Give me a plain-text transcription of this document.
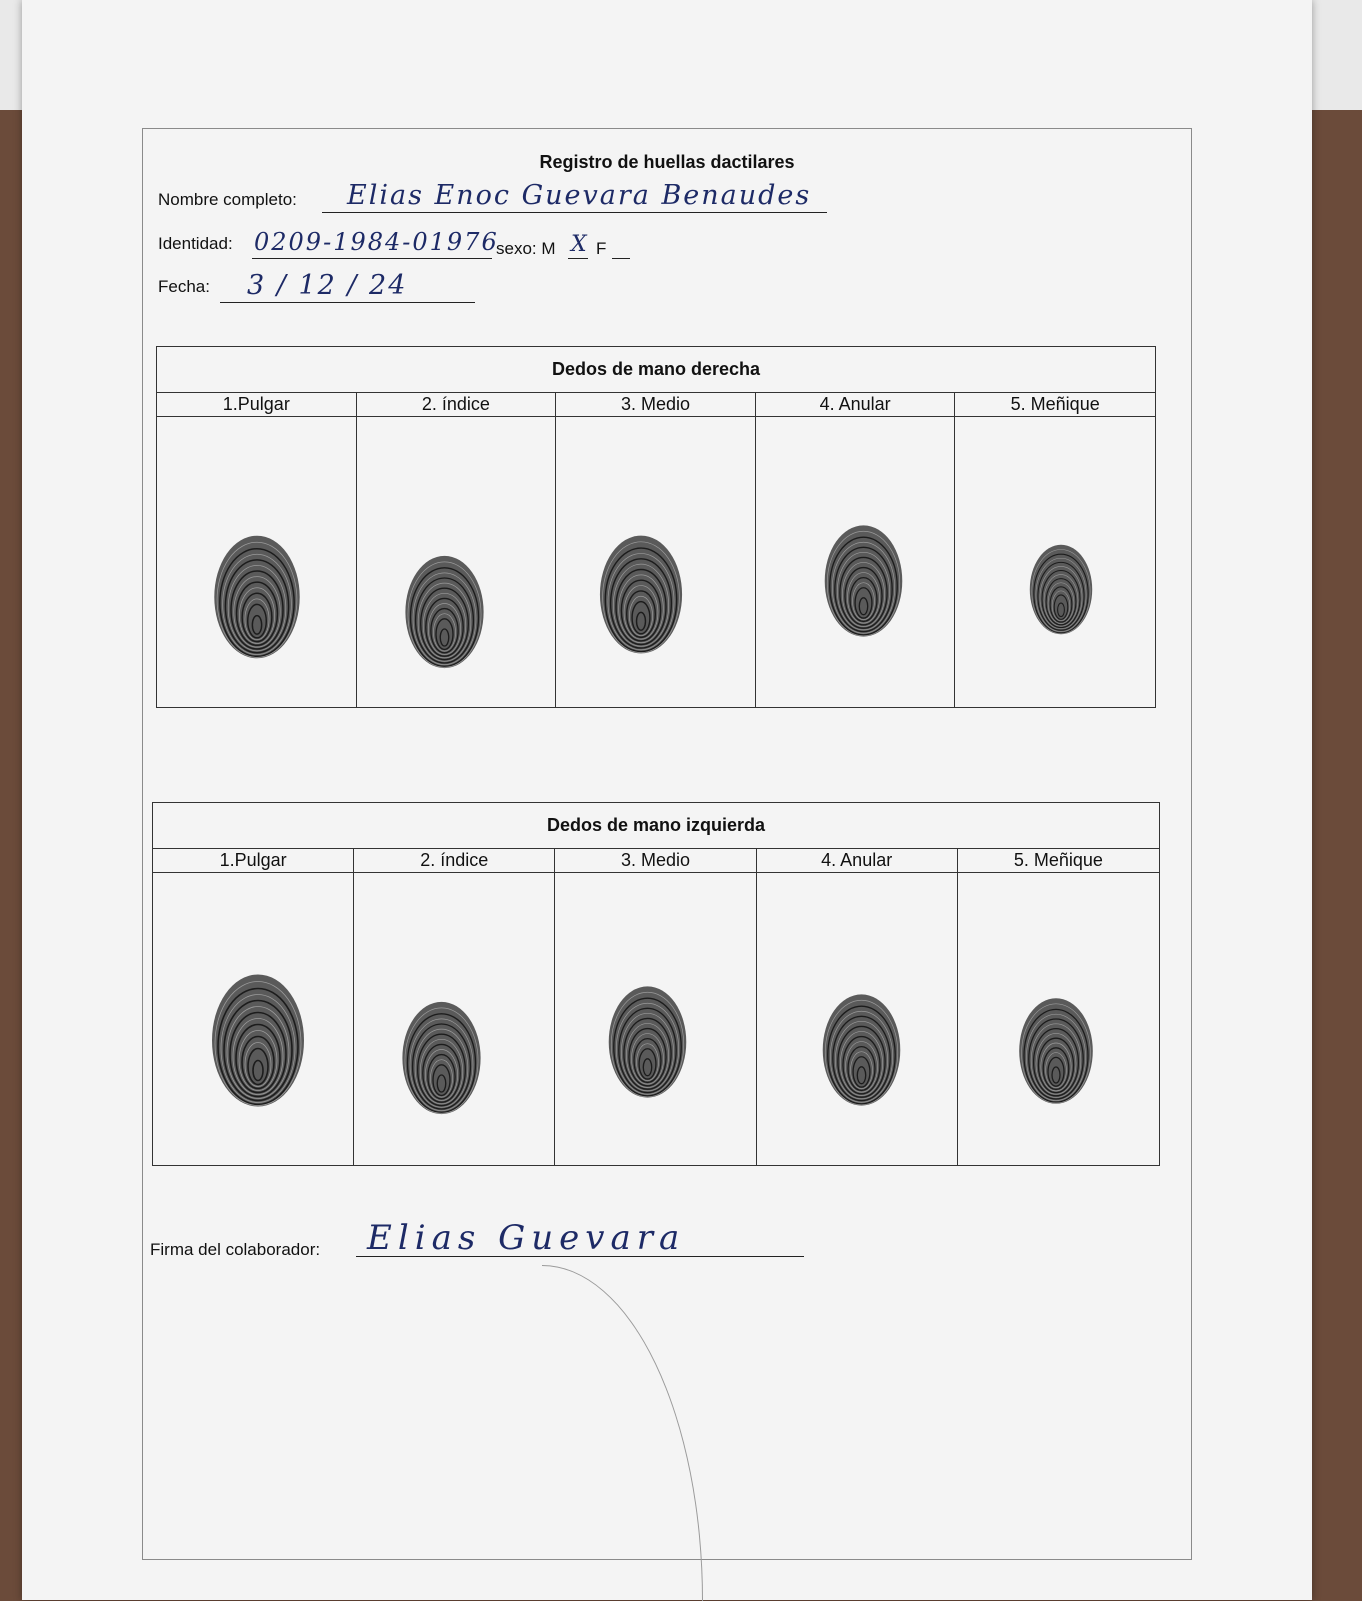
Registro de huellas dactilares
Nombre completo: Elias Enoc Guevara Benaudes
Identidad: 0209-1984-01976
sexo: M X F
Fecha: 3 / 12 / 24
Dedos de mano derecha
1.Pulgar	2. índice	3. Medio	4. Anular	5. Meñique
Dedos de mano izquierda
1.Pulgar	2. índice	3. Medio	4. Anular	5. Meñique
Firma del colaborador: Elias Guevara
